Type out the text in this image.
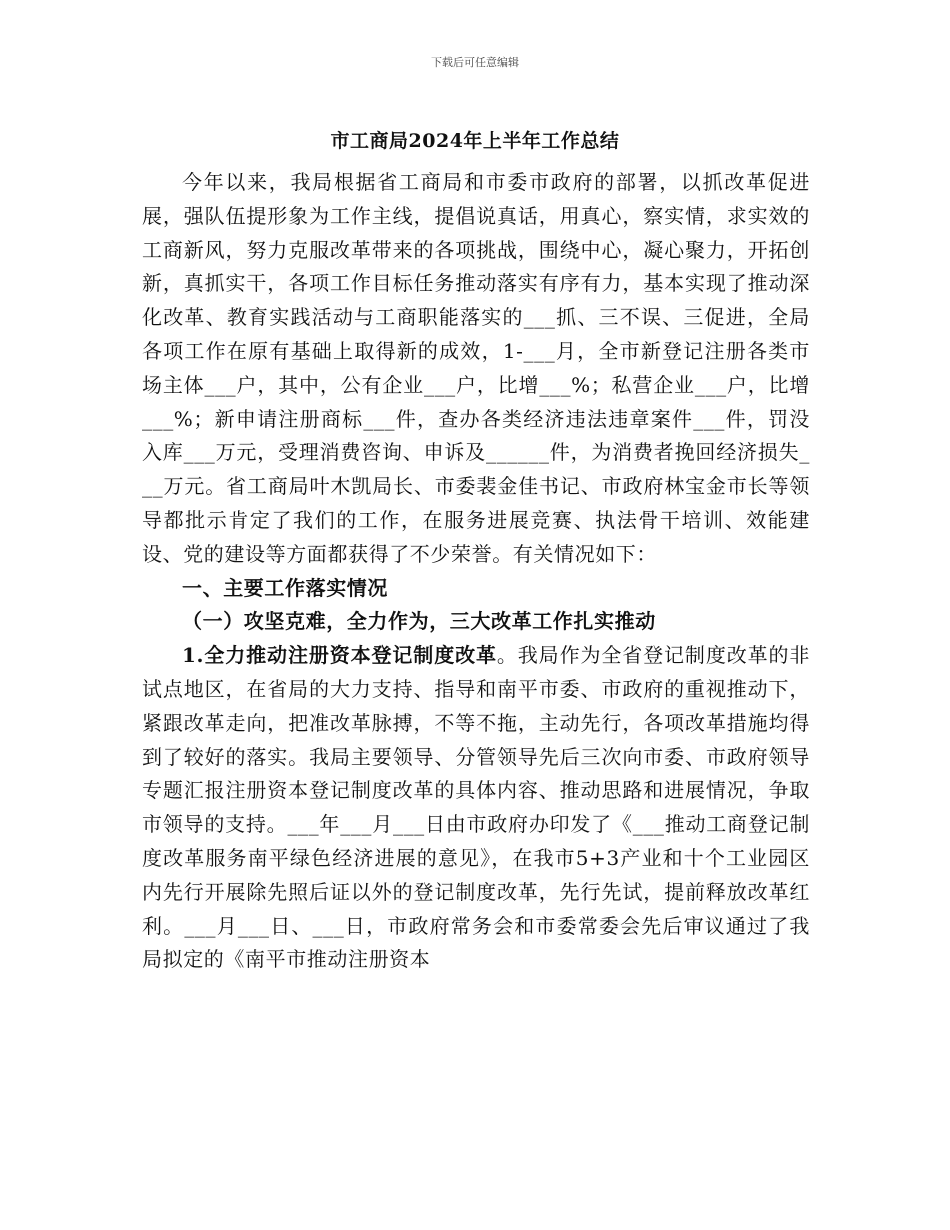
下载后可任意编辑
市工商局2024年上半年工作总结

今年以来，我局根据省工商局和市委市政府的部署，以抓改革促进展，强队伍提形象为工作主线，提倡说真话，用真心，察实情，求实效的工商新风，努力克服改革带来的各项挑战，围绕中心，凝心聚力，开拓创新，真抓实干，各项工作目标任务推动落实有序有力，基本实现了推动深化改革、教育实践活动与工商职能落实的___抓、三不误、三促进，全局各项工作在原有基础上取得新的成效，1-___月，全市新登记注册各类市场主体___户，其中，公有企业___户，比增___%；私营企业___户，比增___%；新申请注册商标___件，查办各类经济违法违章案件___件，罚没入库___万元，受理消费咨询、申诉及______件，为消费者挽回经济损失___万元。省工商局叶木凯局长、市委裴金佳书记、市政府林宝金市长等领导都批示肯定了我们的工作，在服务进展竞赛、执法骨干培训、效能建设、党的建设等方面都获得了不少荣誉。有关情况如下：

一、主要工作落实情况

（一）攻坚克难，全力作为，三大改革工作扎实推动

1.全力推动注册资本登记制度改革。我局作为全省登记制度改革的非试点地区，在省局的大力支持、指导和南平市委、市政府的重视推动下，紧跟改革走向，把准改革脉搏，不等不拖，主动先行，各项改革措施均得到了较好的落实。我局主要领导、分管领导先后三次向市委、市政府领导专题汇报注册资本登记制度改革的具体内容、推动思路和进展情况，争取市领导的支持。___年___月___日由市政府办印发了《___推动工商登记制度改革服务南平绿色经济进展的意见》，在我市5+3产业和十个工业园区内先行开展除先照后证以外的登记制度改革，先行先试，提前释放改革红利。___月___日、___日，市政府常务会和市委常委会先后审议通过了我局拟定的《南平市推动注册资本
